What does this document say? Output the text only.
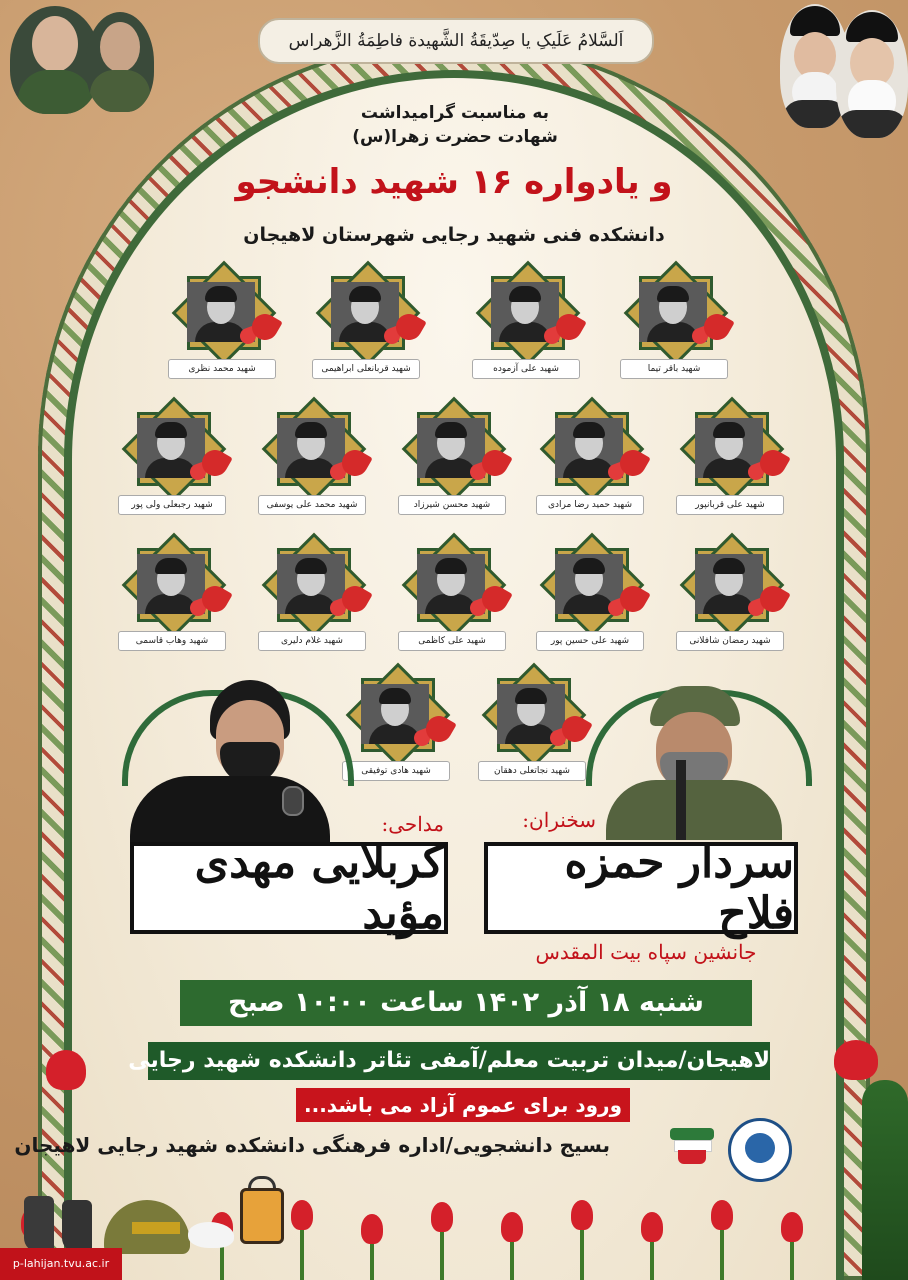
اَلسَّلامُ عَلَیکِ یا صِدّیقَةُ الشَّهیدة فاطِمَةُ الزَّهراس
به مناسبت گرامیداشت
شهادت حضرت زهرا(س)
و یادواره ۱۶ شهید دانشجو
دانشکده فنی شهید رجایی شهرستان لاهیجان
شهید محمد نظری	شهید قربانعلی ابراهیمی	شهید علی آزموده	شهید باقر تیما
شهید رجبعلی ولی پور	شهید محمد علی یوسفی	شهید محسن شیرزاد	شهید حمید رضا مرادی	شهید علی قربانپور
شهید وهاب قاسمی	شهید غلام دلیری	شهید علی کاظمی	شهید علی حسین پور	شهید رمضان شافلانی
شهید هادی توفیقی	شهید نجاتعلی دهقان
مداحی:	سخنران:
کربلایی مهدی مؤید
سردار حمزه فلاح
جانشین سپاه بیت المقدس
شنبه ۱۸ آذر ۱۴۰۲ ساعت ۱۰:۰۰ صبح
لاهیجان/میدان تربیت معلم/آمفی تئاتر دانشکده شهید رجایی
ورود برای عموم آزاد می باشد...
بسیج دانشجویی/اداره فرهنگی دانشکده شهید رجایی لاهیجان
p-lahijan.tvu.ac.ir
